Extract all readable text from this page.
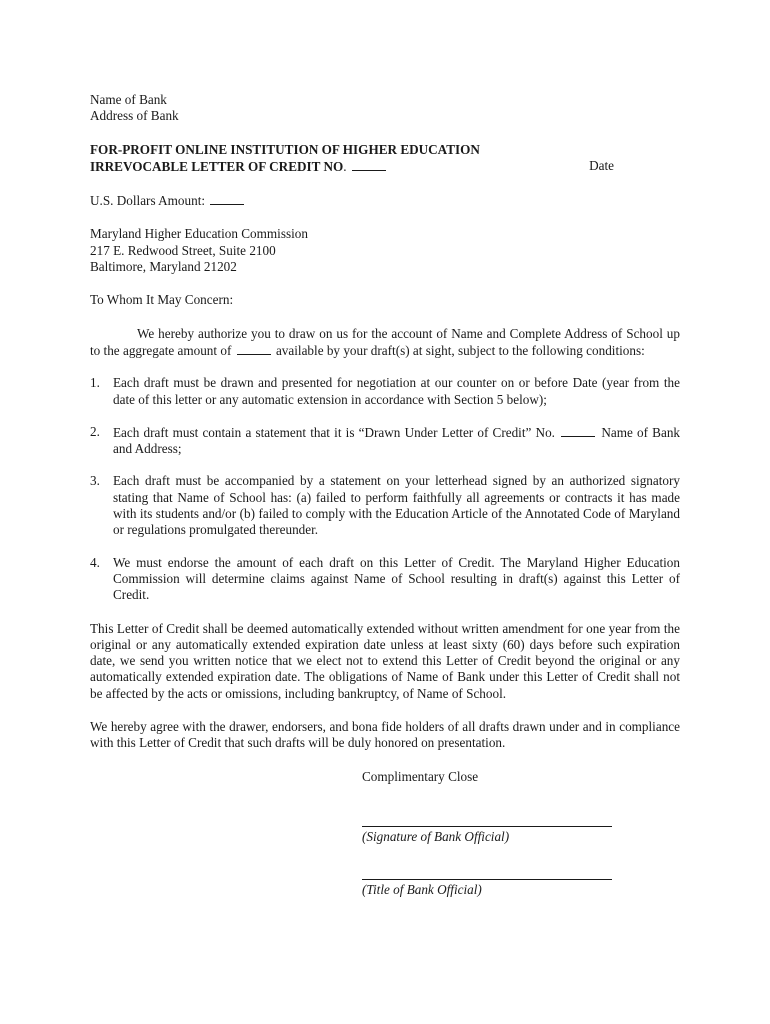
Name of Bank

Address of Bank

FOR-PROFIT ONLINE INSTITUTION OF HIGHER EDUCATION

IRREVOCABLE LETTER OF CREDIT NO.	Date

U.S. Dollars Amount:

Maryland Higher Education Commission

217 E. Redwood Street, Suite 2100

Baltimore, Maryland 21202

To Whom It May Concern:

We hereby authorize you to draw on us for the account of Name and Complete Address of School up to the aggregate amount of	available by your draft(s) at sight, subject to the following conditions:

1. Each draft must be drawn and presented for negotiation at our counter on or before Date (year from the date of this letter or any automatic extension in accordance with Section 5 below);
2. Each draft must contain a statement that it is “Drawn Under Letter of Credit” No.	Name of Bank and Address;
3. Each draft must be accompanied by a statement on your letterhead signed by an authorized signatory stating that Name of School has: (a) failed to perform faithfully all agreements or contracts it has made with its students and/or (b) failed to comply with the Education Article of the Annotated Code of Maryland or regulations promulgated thereunder.
4. We must endorse the amount of each draft on this Letter of Credit. The Maryland Higher Education Commission will determine claims against Name of School resulting in draft(s) against this Letter of Credit.

This Letter of Credit shall be deemed automatically extended without written amendment for one year from the original or any automatically extended expiration date unless at least sixty (60) days before such expiration date, we send you written notice that we elect not to extend this Letter of Credit beyond the original or any automatically extended expiration date. The obligations of Name of Bank under this Letter of Credit shall not be affected by the acts or omissions, including bankruptcy, of Name of School.

We hereby agree with the drawer, endorsers, and bona fide holders of all drafts drawn under and in compliance with this Letter of Credit that such drafts will be duly honored on presentation.

Complimentary Close

(Signature of Bank Official)

(Title of Bank Official)
